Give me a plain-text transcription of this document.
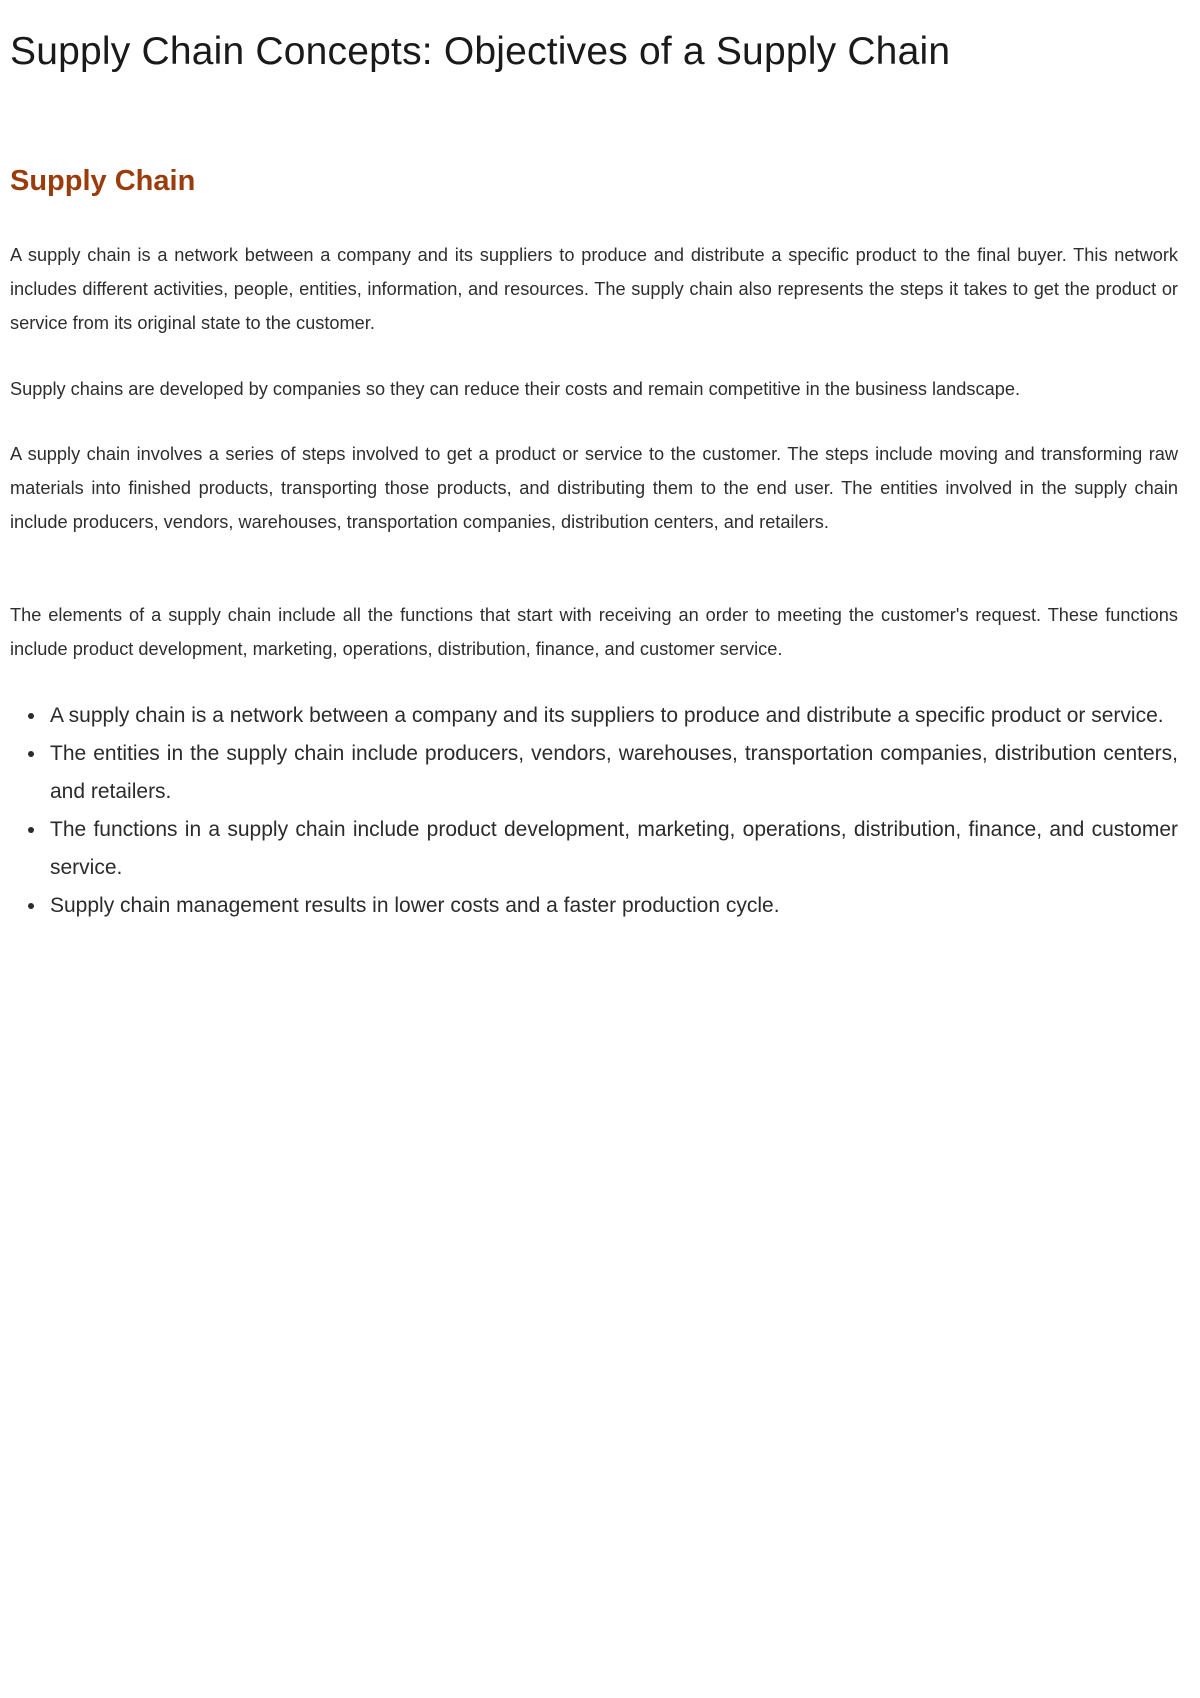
Supply Chain Concepts: Objectives of a Supply Chain
Supply Chain

A supply chain is a network between a company and its suppliers to produce and distribute a specific product to the final buyer. This network includes different activities, people, entities, information, and resources. The supply chain also represents the steps it takes to get the product or service from its original state to the customer.

Supply chains are developed by companies so they can reduce their costs and remain competitive in the business landscape.

A supply chain involves a series of steps involved to get a product or service to the customer. The steps include moving and transforming raw materials into finished products, transporting those products, and distributing them to the end user. The entities involved in the supply chain include producers, vendors, warehouses, transportation companies, distribution centers, and retailers.

The elements of a supply chain include all the functions that start with receiving an order to meeting the customer's request. These functions include product development, marketing, operations, distribution, finance, and customer service.

A supply chain is a network between a company and its suppliers to produce and distribute a specific product or service.
The entities in the supply chain include producers, vendors, warehouses, transportation companies, distribution centers, and retailers.
The functions in a supply chain include product development, marketing, operations, distribution, finance, and customer service.
Supply chain management results in lower costs and a faster production cycle.
